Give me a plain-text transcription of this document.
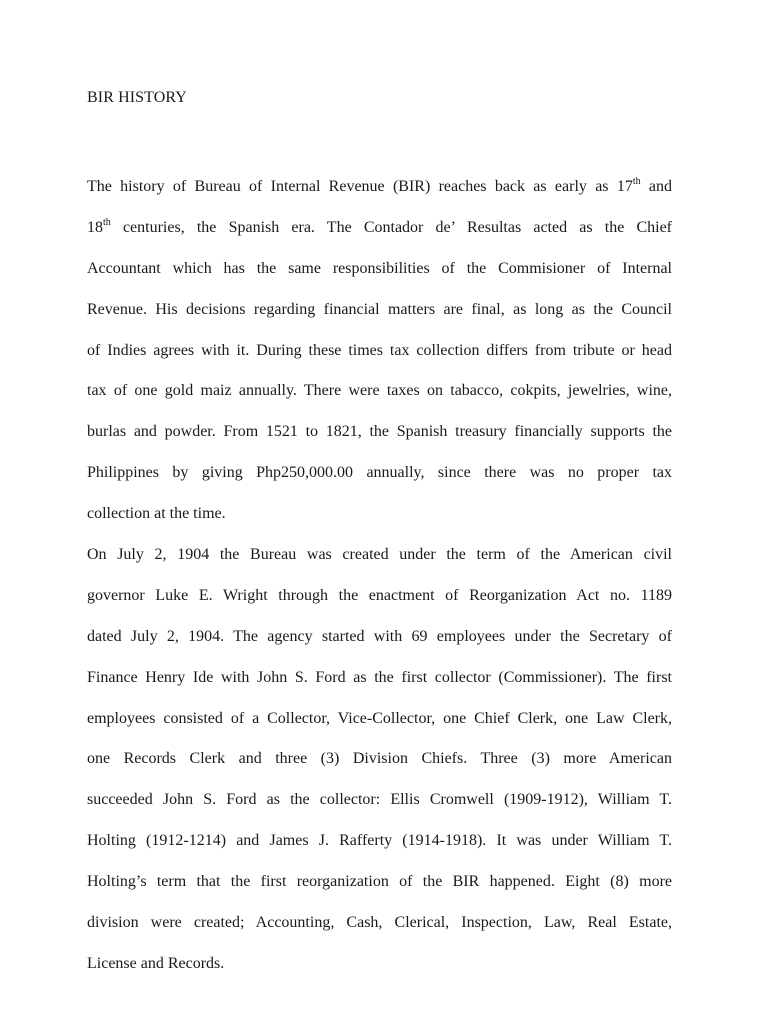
BIR HISTORY

The history of Bureau of Internal Revenue (BIR) reaches back as early as 17th and
18th centuries, the Spanish era. The Contador de’ Resultas acted as the Chief
Accountant which has the same responsibilities of the Commisioner of Internal
Revenue. His decisions regarding financial matters are final, as long as the Council
of Indies agrees with it. During these times tax collection differs from tribute or head
tax of one gold maiz annually. There were taxes on tabacco, cokpits, jewelries, wine,
burlas and powder. From 1521 to 1821, the Spanish treasury financially supports the
Philippines by giving Php250,000.00 annually, since there was no proper tax
collection at the time.

On July 2, 1904 the Bureau was created under the term of the American civil
governor Luke E. Wright through the enactment of Reorganization Act no. 1189
dated July 2, 1904. The agency started with 69 employees under the Secretary of
Finance Henry Ide with John S. Ford as the first collector (Commissioner). The first
employees consisted of a Collector, Vice-Collector, one Chief Clerk, one Law Clerk,
one Records Clerk and three (3) Division Chiefs. Three (3) more American
succeeded John S. Ford as the collector: Ellis Cromwell (1909-1912), William T.
Holting (1912-1214) and James J. Rafferty (1914-1918). It was under William T.
Holting’s term that the first reorganization of the BIR happened. Eight (8) more
division were created; Accounting, Cash, Clerical, Inspection, Law, Real Estate,
License and Records.
